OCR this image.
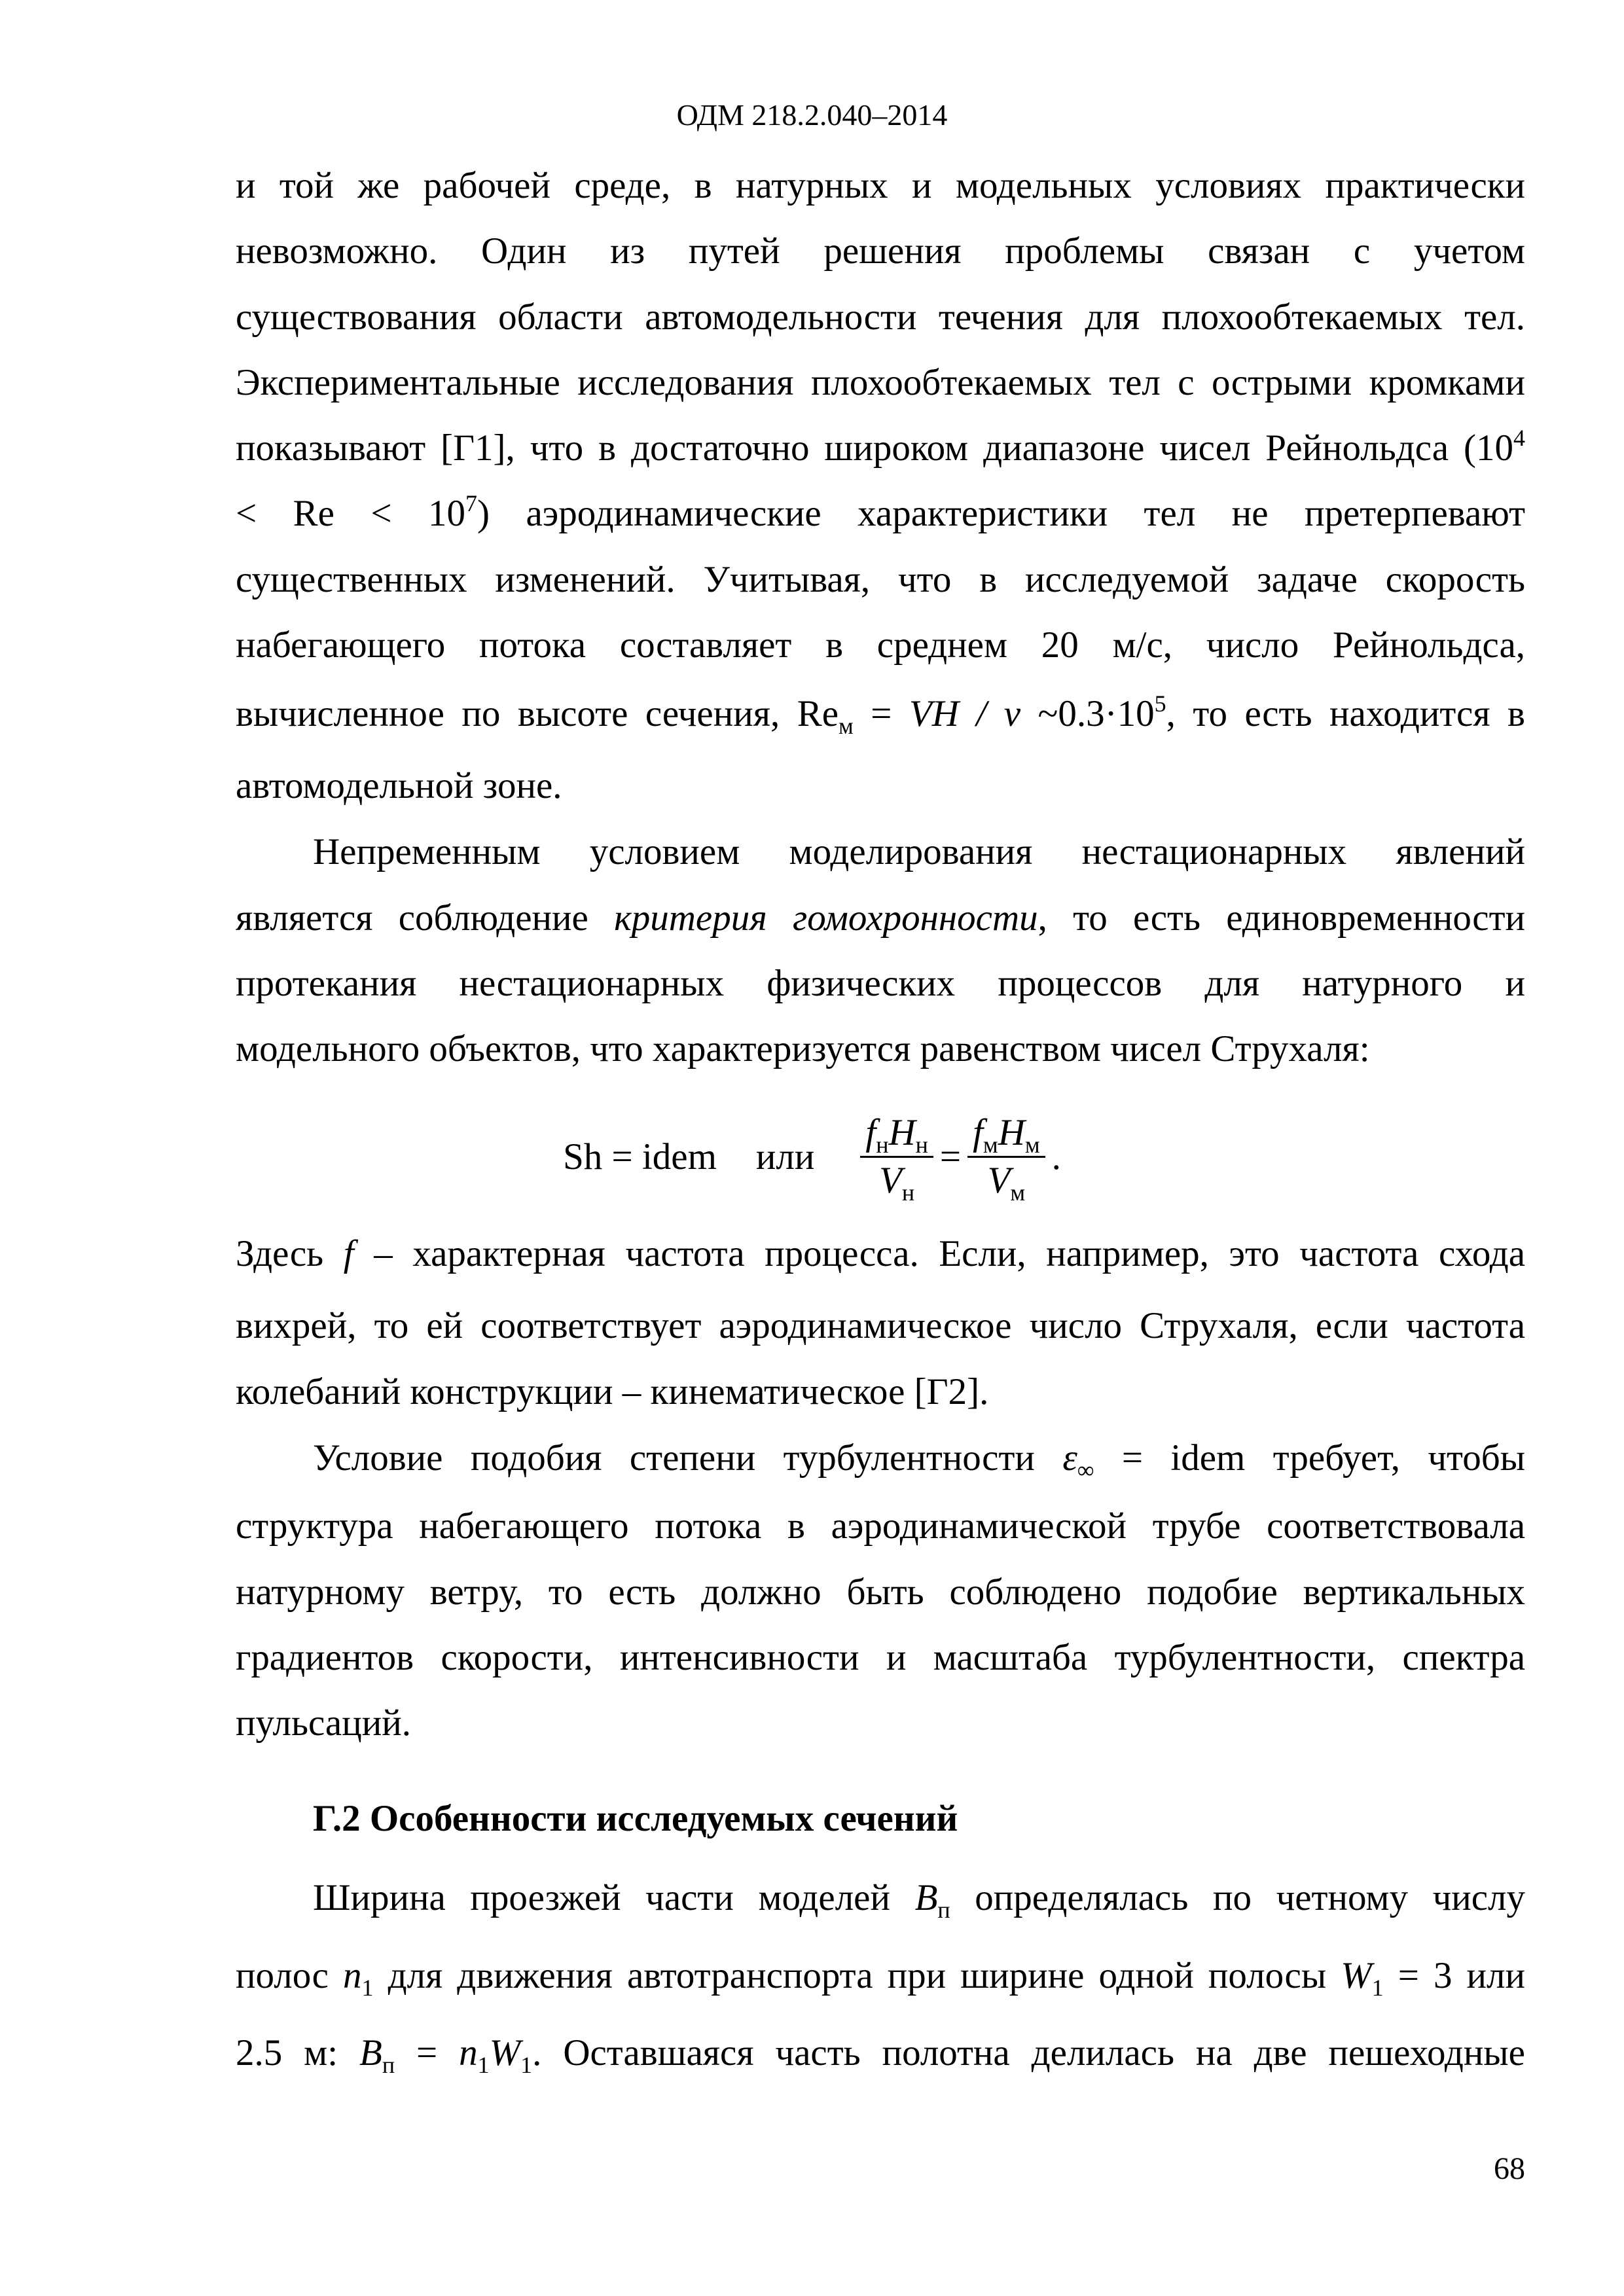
ОДМ 218.2.040–2014
и той же рабочей среде, в натурных и модельных условиях практически
невозможно. Один из путей решения проблемы связан с учетом
существования области автомодельности течения для плохообтекаемых тел.
Экспериментальные исследования плохообтекаемых тел с острыми кромками
показывают [Г1], что в достаточно широком диапазоне чисел Рейнольдса ($10^4$
< $Re < 10^7$) аэродинамические характеристики тел не претерпевают
существенных изменений. Учитывая, что в исследуемой задаче скорость
набегающего потока составляет в среднем 20 м/с, число Рейнольдса,
вычисленное по высоте сечения, $Re_м$ = VH / ν $\sim 0.3\cdot 10^5$, то есть находится в
автомодельной зоне.
Непременным условием моделирования нестационарных явлений
является соблюдение критерия гомохронности, то есть единовременности
протекания нестационарных физических процессов для натурного и
модельного объектов, что характеризуется равенством чисел Струхаля:
Sh = idem или $\frac{f_нH_н}{V_н} = \frac{f_мH_м}{V_м}$ .
Здесь f – характерная частота процесса. Если, например, это частота схода
вихрей, то ей соответствует аэродинамическое число Струхаля, если частота
колебаний конструкции – кинематическое [Г2].
Условие подобия степени турбулентности $\varepsilon_\infty$ = idem требует, чтобы
структура набегающего потока в аэродинамической трубе соответствовала
натурному ветру, то есть должно быть соблюдено подобие вертикальных
градиентов скорости, интенсивности и масштаба турбулентности, спектра
пульсаций.
Г.2 Особенности исследуемых сечений
Ширина проезжей части моделей $B_п$ определялась по четному числу
полос $n_1$ для движения автотранспорта при ширине одной полосы $W_1 = 3$ или
2.5 м: $B_п = n_1W_1$. Оставшаяся часть полотна делилась на две пешеходные
68
